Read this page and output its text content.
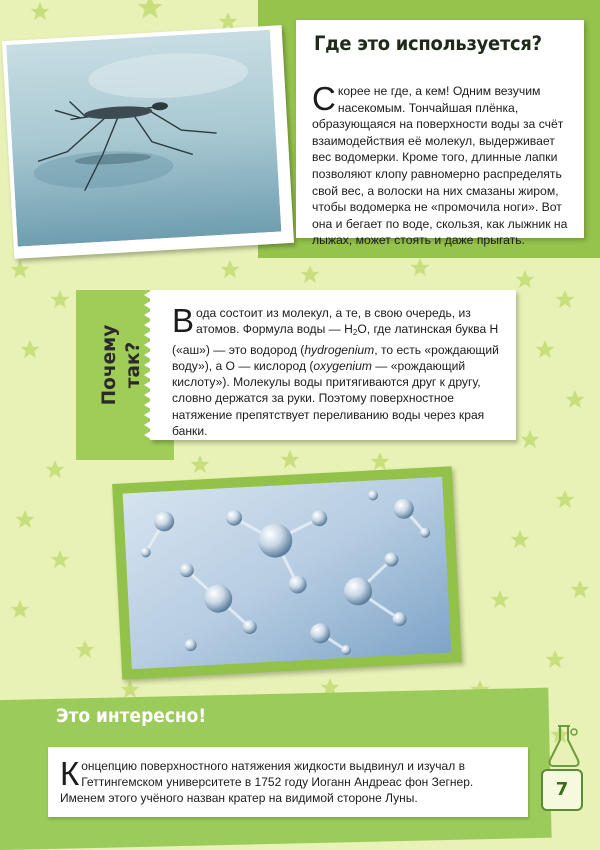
Где это используется?
Скорее не где, а кем! Одним везучим насекомым. Тончайшая плёнка, образующаяся на поверхности воды за счёт взаимодействия её молекул, выдерживает вес водомерки. Кроме того, длинные лапки позволяют клопу равномерно распределять свой вес, а волоски на них смазаны жиром, чтобы водомерка не «промочила ноги». Вот она и бегает по воде, скользя, как лыжник на лыжах, может стоять и даже прыгать.
Почему так?
Вода состоит из молекул, а те, в свою очередь, из атомов. Формула воды — $H_2O$, где латинская буква H («аш») — это водород (hydrogenium, то есть «рождающий воду»), а O — кислород (oxygenium — «рождающий кислоту»). Молекулы воды притягиваются друг к другу, словно держатся за руки. Поэтому поверхностное натяжение препятствует переливанию воды через края банки.
Это интересно!
Концепцию поверхностного натяжения жидкости выдвинул и изучал в Геттингемском университете в 1752 году Иоганн Андреас фон Зегнер. Именем этого учёного назван кратер на видимой стороне Луны.	7
